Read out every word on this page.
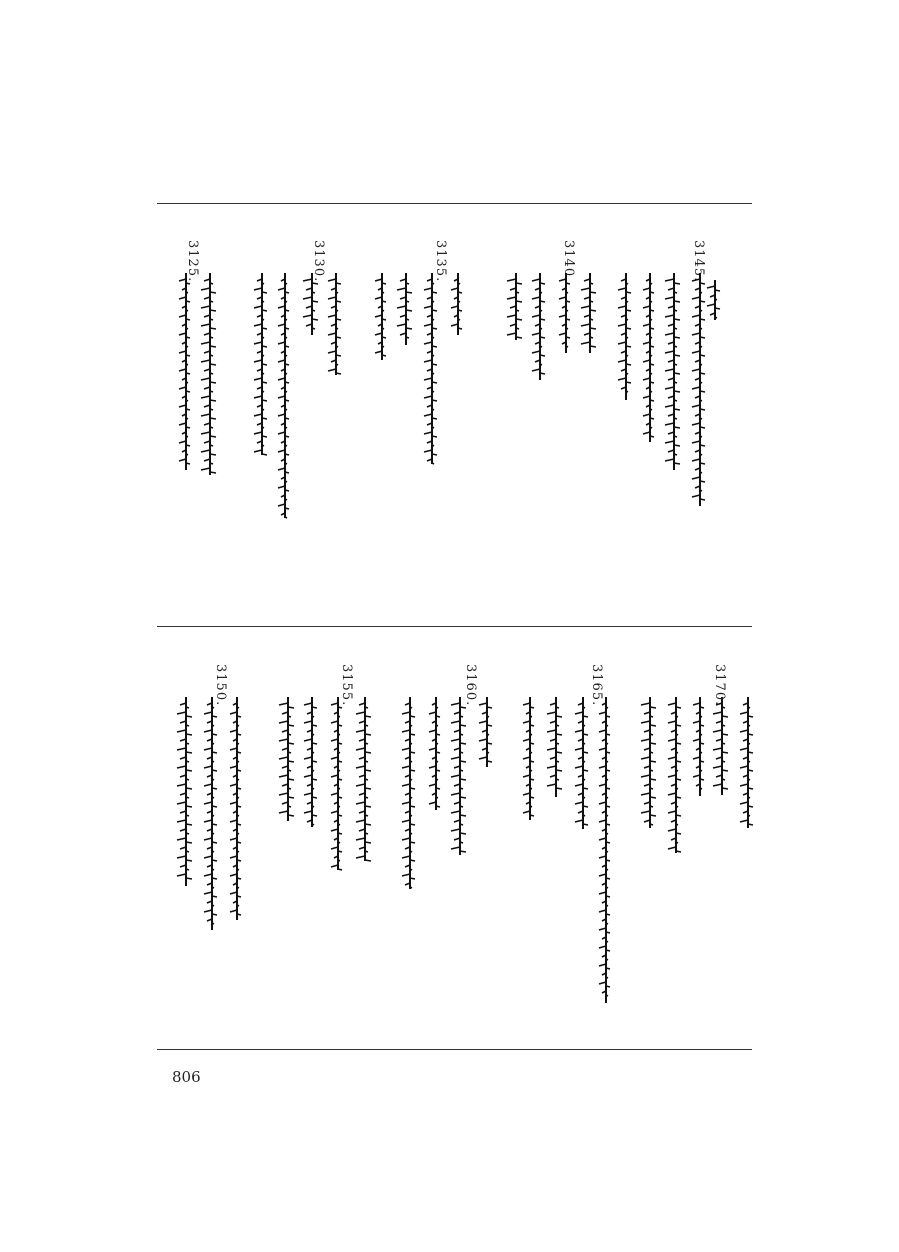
3145.
3140.
3135.
3130.
3125.
3170.
3165.
3160.
3155.
3150.
806
